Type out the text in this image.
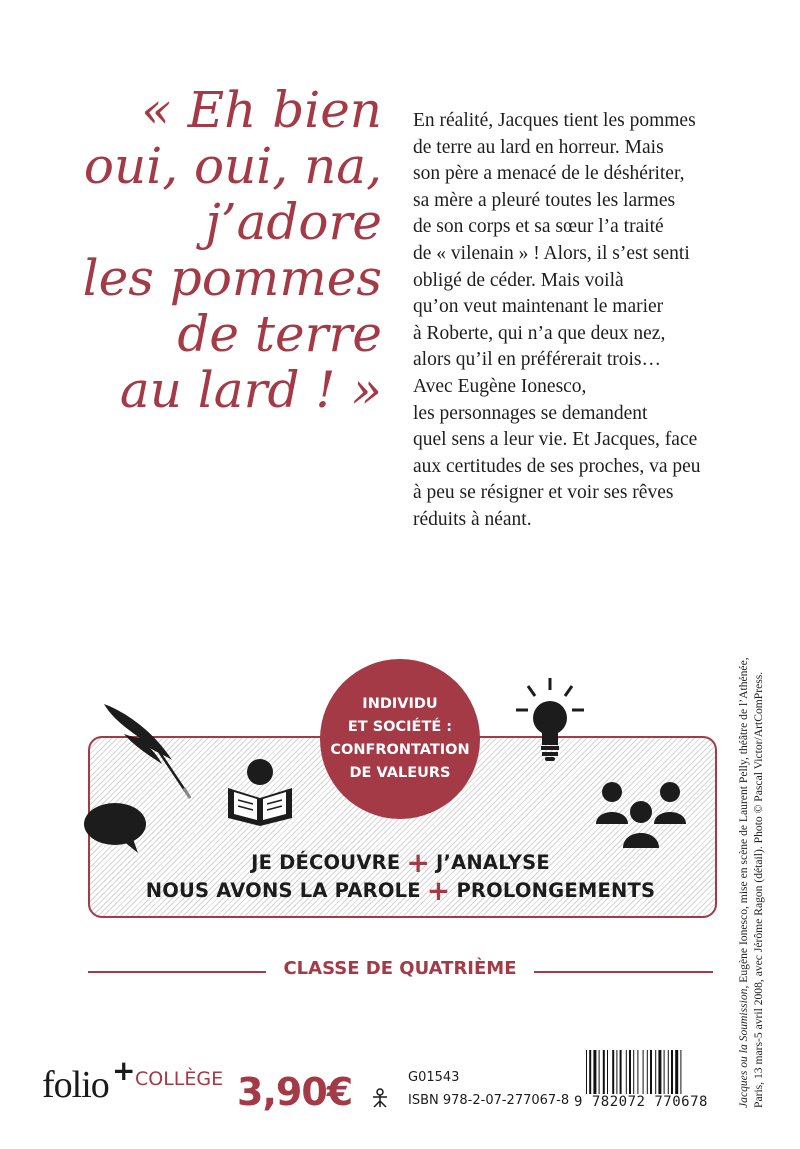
« Eh bien
oui, oui, na,
j’adore
les pommes
de terre
au lard ! »
En réalité, Jacques tient les pommes
de terre au lard en horreur. Mais
son père a menacé de le déshériter,
sa mère a pleuré toutes les larmes
de son corps et sa sœur l’a traité
de « vilenain » ! Alors, il s’est senti
obligé de céder. Mais voilà
qu’on veut maintenant le marier
à Roberte, qui n’a que deux nez,
alors qu’il en préférerait trois…
Avec Eugène Ionesco,
les personnages se demandent
quel sens a leur vie. Et Jacques, face
aux certitudes de ses proches, va peu
à peu se résigner et voir ses rêves
réduits à néant.
INDIVIDU
ET SOCIÉTÉ :
CONFRONTATION
DE VALEURS
JE DÉCOUVRE + J’ANALYSE
NOUS AVONS LA PAROLE + PROLONGEMENTS
CLASSE DE QUATRIÈME
folio + COLLÈGE 3,90€	G01543
ISBN 978-2-07-277067-8 9 782072 770678	Jacques ou la Soumission, Eugène Ionesco, mise en scène de Laurent Pelly, théâtre de l’Athénée, Paris, 13 mars-5 avril 2008, avec Jérôme Ragon (détail). Photo © Pascal Victor/ArtComPress.
